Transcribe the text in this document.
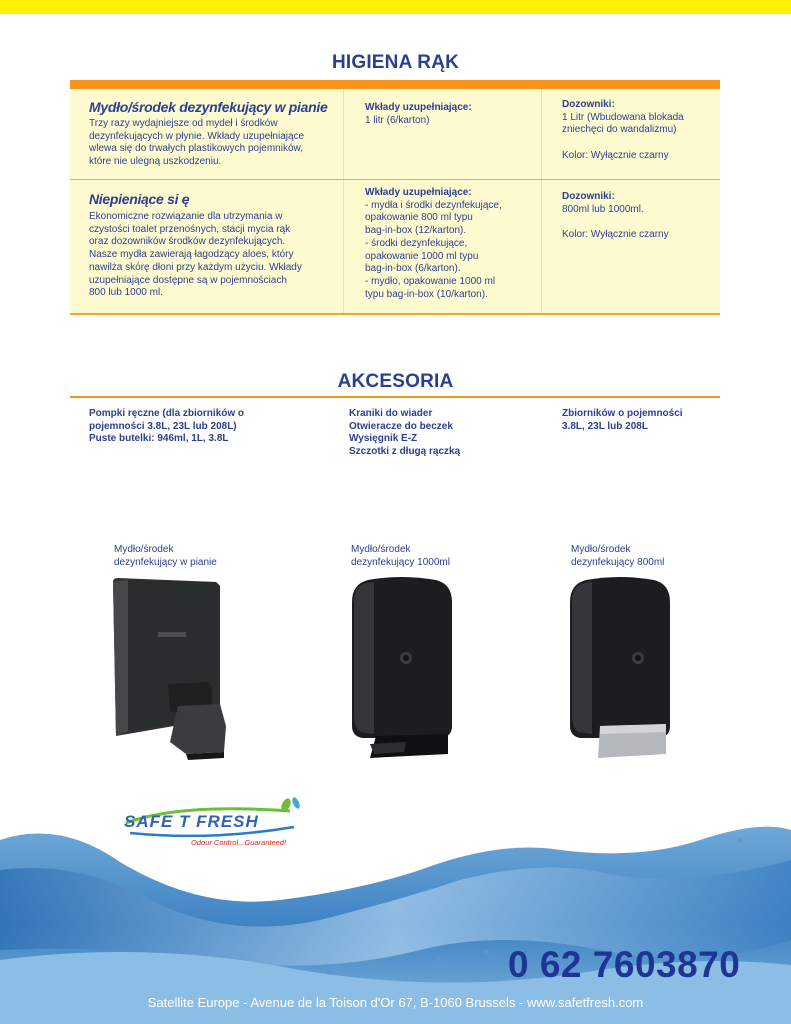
HIGIENA RĄK
Mydło/środek dezynfekujący w pianie
Trzy razy wydajniejsze od mydeł i środków
dezynfekujących w płynie. Wkłady uzupełniające
wlewa się do trwałych plastikowych pojemników,
które nie ulegną uszkodzeniu.
Wkłady uzupełniające:
1 litr (6/karton)
Dozowniki:
1 Litr (Wbudowana blokada
zniechęci do wandalizmu)
Kolor: Wyłącznie czarny
Niepieniące si ę
Ekonomiczne rozwiązanie dla utrzymania w
czystości toalet przenośnych, stacji mycia rąk
oraz dozowników środków dezynfekujących.
Nasze mydła zawierają łagodzący aloes, który
nawilża skórę dłoni przy każdym użyciu. Wkłady
uzupełniające dostępne są w pojemnościach
800 lub 1000 ml.
Wkłady uzupełniające:
- mydła i środki dezynfekujące,
opakowanie 800 ml typu
bag-in-box (12/karton).
- środki dezynfekujące,
opakowanie 1000 ml typu
bag-in-box (6/karton).
- mydło, opakowanie 1000 ml
typu bag-in-box (10/karton).
Dozowniki:
800ml lub 1000ml.
Kolor: Wyłącznie czarny
AKCESORIA
Pompki ręczne (dla zbiorników o
pojemności 3.8L, 23L lub 208L)
Puste butelki: 946ml, 1L, 3.8L
Kraniki do wiader
Otwieracze do beczek
Wysięgnik E-Z
Szczotki z długą rączką
Zbiorników o pojemności
3.8L, 23L lub 208L
Mydło/środek
dezynfekujący w pianie
Mydło/środek
dezynfekujący 1000ml
Mydło/środek
dezynfekujący 800ml
SAFE T FRESH
Odour Control...Guaranteed!
0 62 7603870
Satellite Europe - Avenue de la Toison d'Or 67, B-1060 Brussels - www.safetfresh.com
